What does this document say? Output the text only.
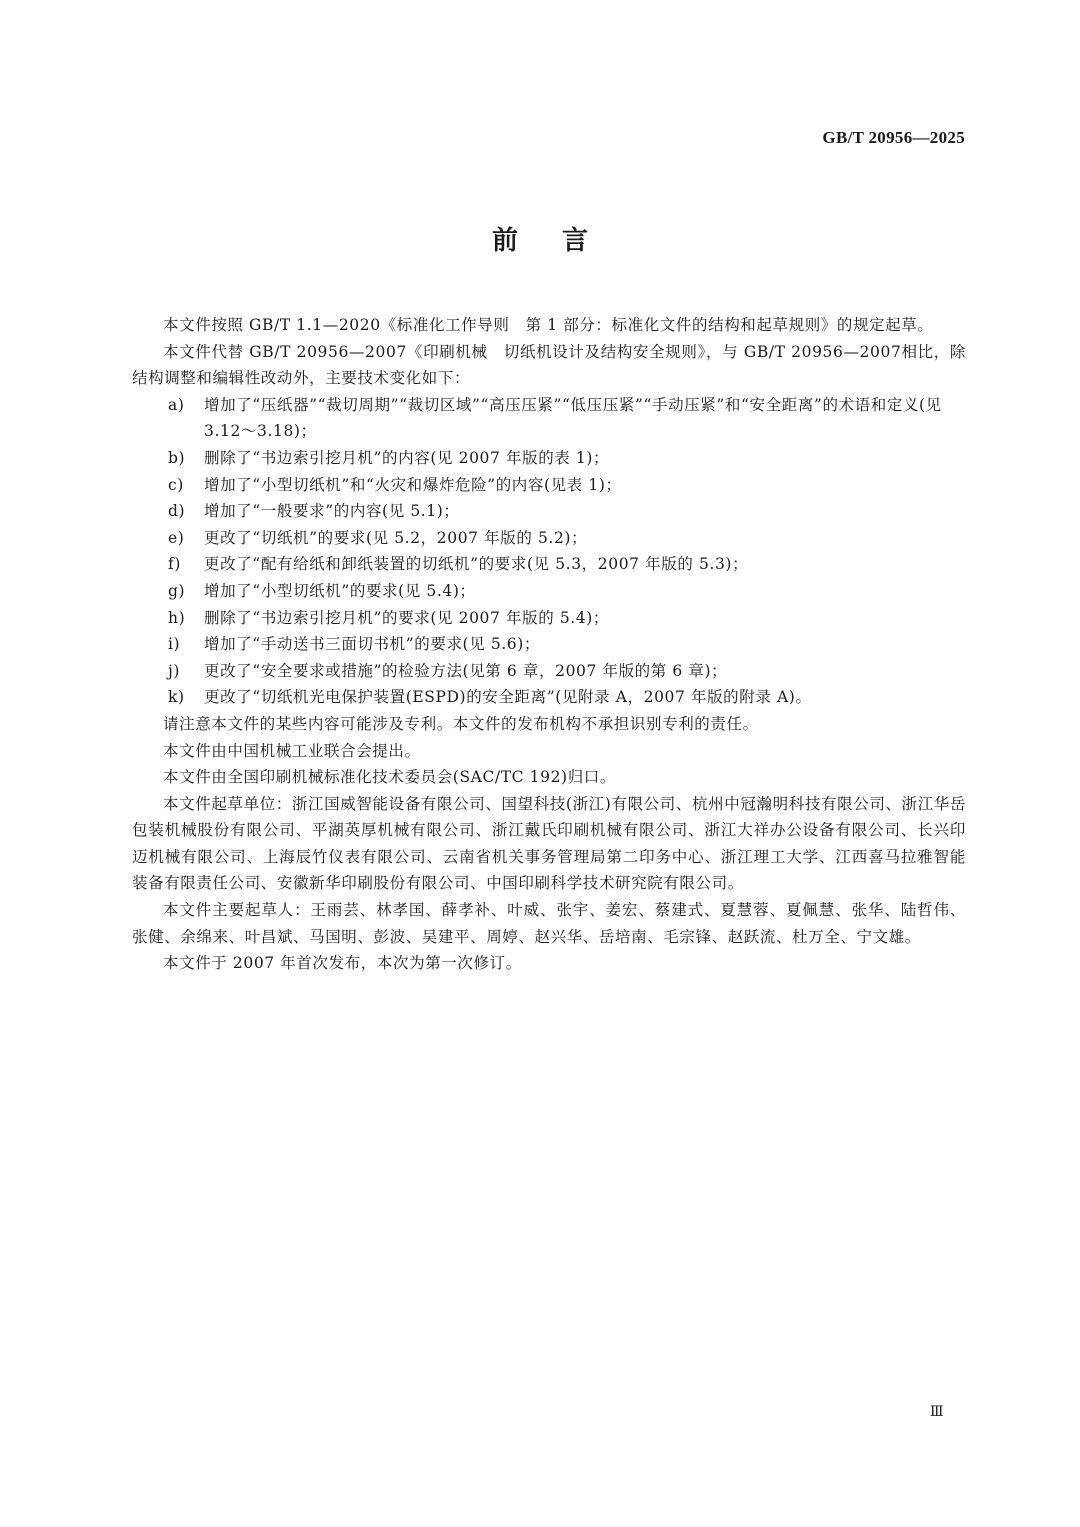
GB/T 20956—2025
前言

本文件按照 GB/T 1.1—2020《标准化工作导则　第 1 部分：标准化文件的结构和起草规则》的规定起草。

本文件代替 GB/T 20956—2007《印刷机械　切纸机设计及结构安全规则》，与 GB/T 20956—2007相比，除结构调整和编辑性改动外，主要技术变化如下：

a) 增加了“压纸器”“裁切周期”“裁切区域”“高压压紧”“低压压紧”“手动压紧”和“安全距离”的术语和定义(见 3.12～3.18)；

b) 删除了“书边索引挖月机”的内容(见 2007 年版的表 1)；

c) 增加了“小型切纸机”和“火灾和爆炸危险”的内容(见表 1)；

d) 增加了“一般要求”的内容(见 5.1)；

e) 更改了“切纸机”的要求(见 5.2，2007 年版的 5.2)；

f) 更改了“配有给纸和卸纸装置的切纸机”的要求(见 5.3，2007 年版的 5.3)；

g) 增加了“小型切纸机”的要求(见 5.4)；

h) 删除了“书边索引挖月机”的要求(见 2007 年版的 5.4)；

i) 增加了“手动送书三面切书机”的要求(见 5.6)；

j) 更改了“安全要求或措施”的检验方法(见第 6 章，2007 年版的第 6 章)；

k) 更改了“切纸机光电保护装置(ESPD)的安全距离”(见附录 A，2007 年版的附录 A)。

请注意本文件的某些内容可能涉及专利。本文件的发布机构不承担识别专利的责任。

本文件由中国机械工业联合会提出。

本文件由全国印刷机械标准化技术委员会(SAC/TC 192)归口。

本文件起草单位：浙江国威智能设备有限公司、国望科技(浙江)有限公司、杭州中冠瀚明科技有限公司、浙江华岳包装机械股份有限公司、平湖英厚机械有限公司、浙江戴氏印刷机械有限公司、浙江大祥办公设备有限公司、长兴印迈机械有限公司、上海辰竹仪表有限公司、云南省机关事务管理局第二印务中心、浙江理工大学、江西喜马拉雅智能装备有限责任公司、安徽新华印刷股份有限公司、中国印刷科学技术研究院有限公司。

本文件主要起草人：王雨芸、林孝国、薛孝补、叶威、张宇、姜宏、蔡建式、夏慧蓉、夏佩慧、张华、陆哲伟、张健、余绵来、叶昌斌、马国明、彭波、吴建平、周婷、赵兴华、岳培南、毛宗锋、赵跃流、杜万全、宁文雄。

本文件于 2007 年首次发布，本次为第一次修订。

Ⅲ
